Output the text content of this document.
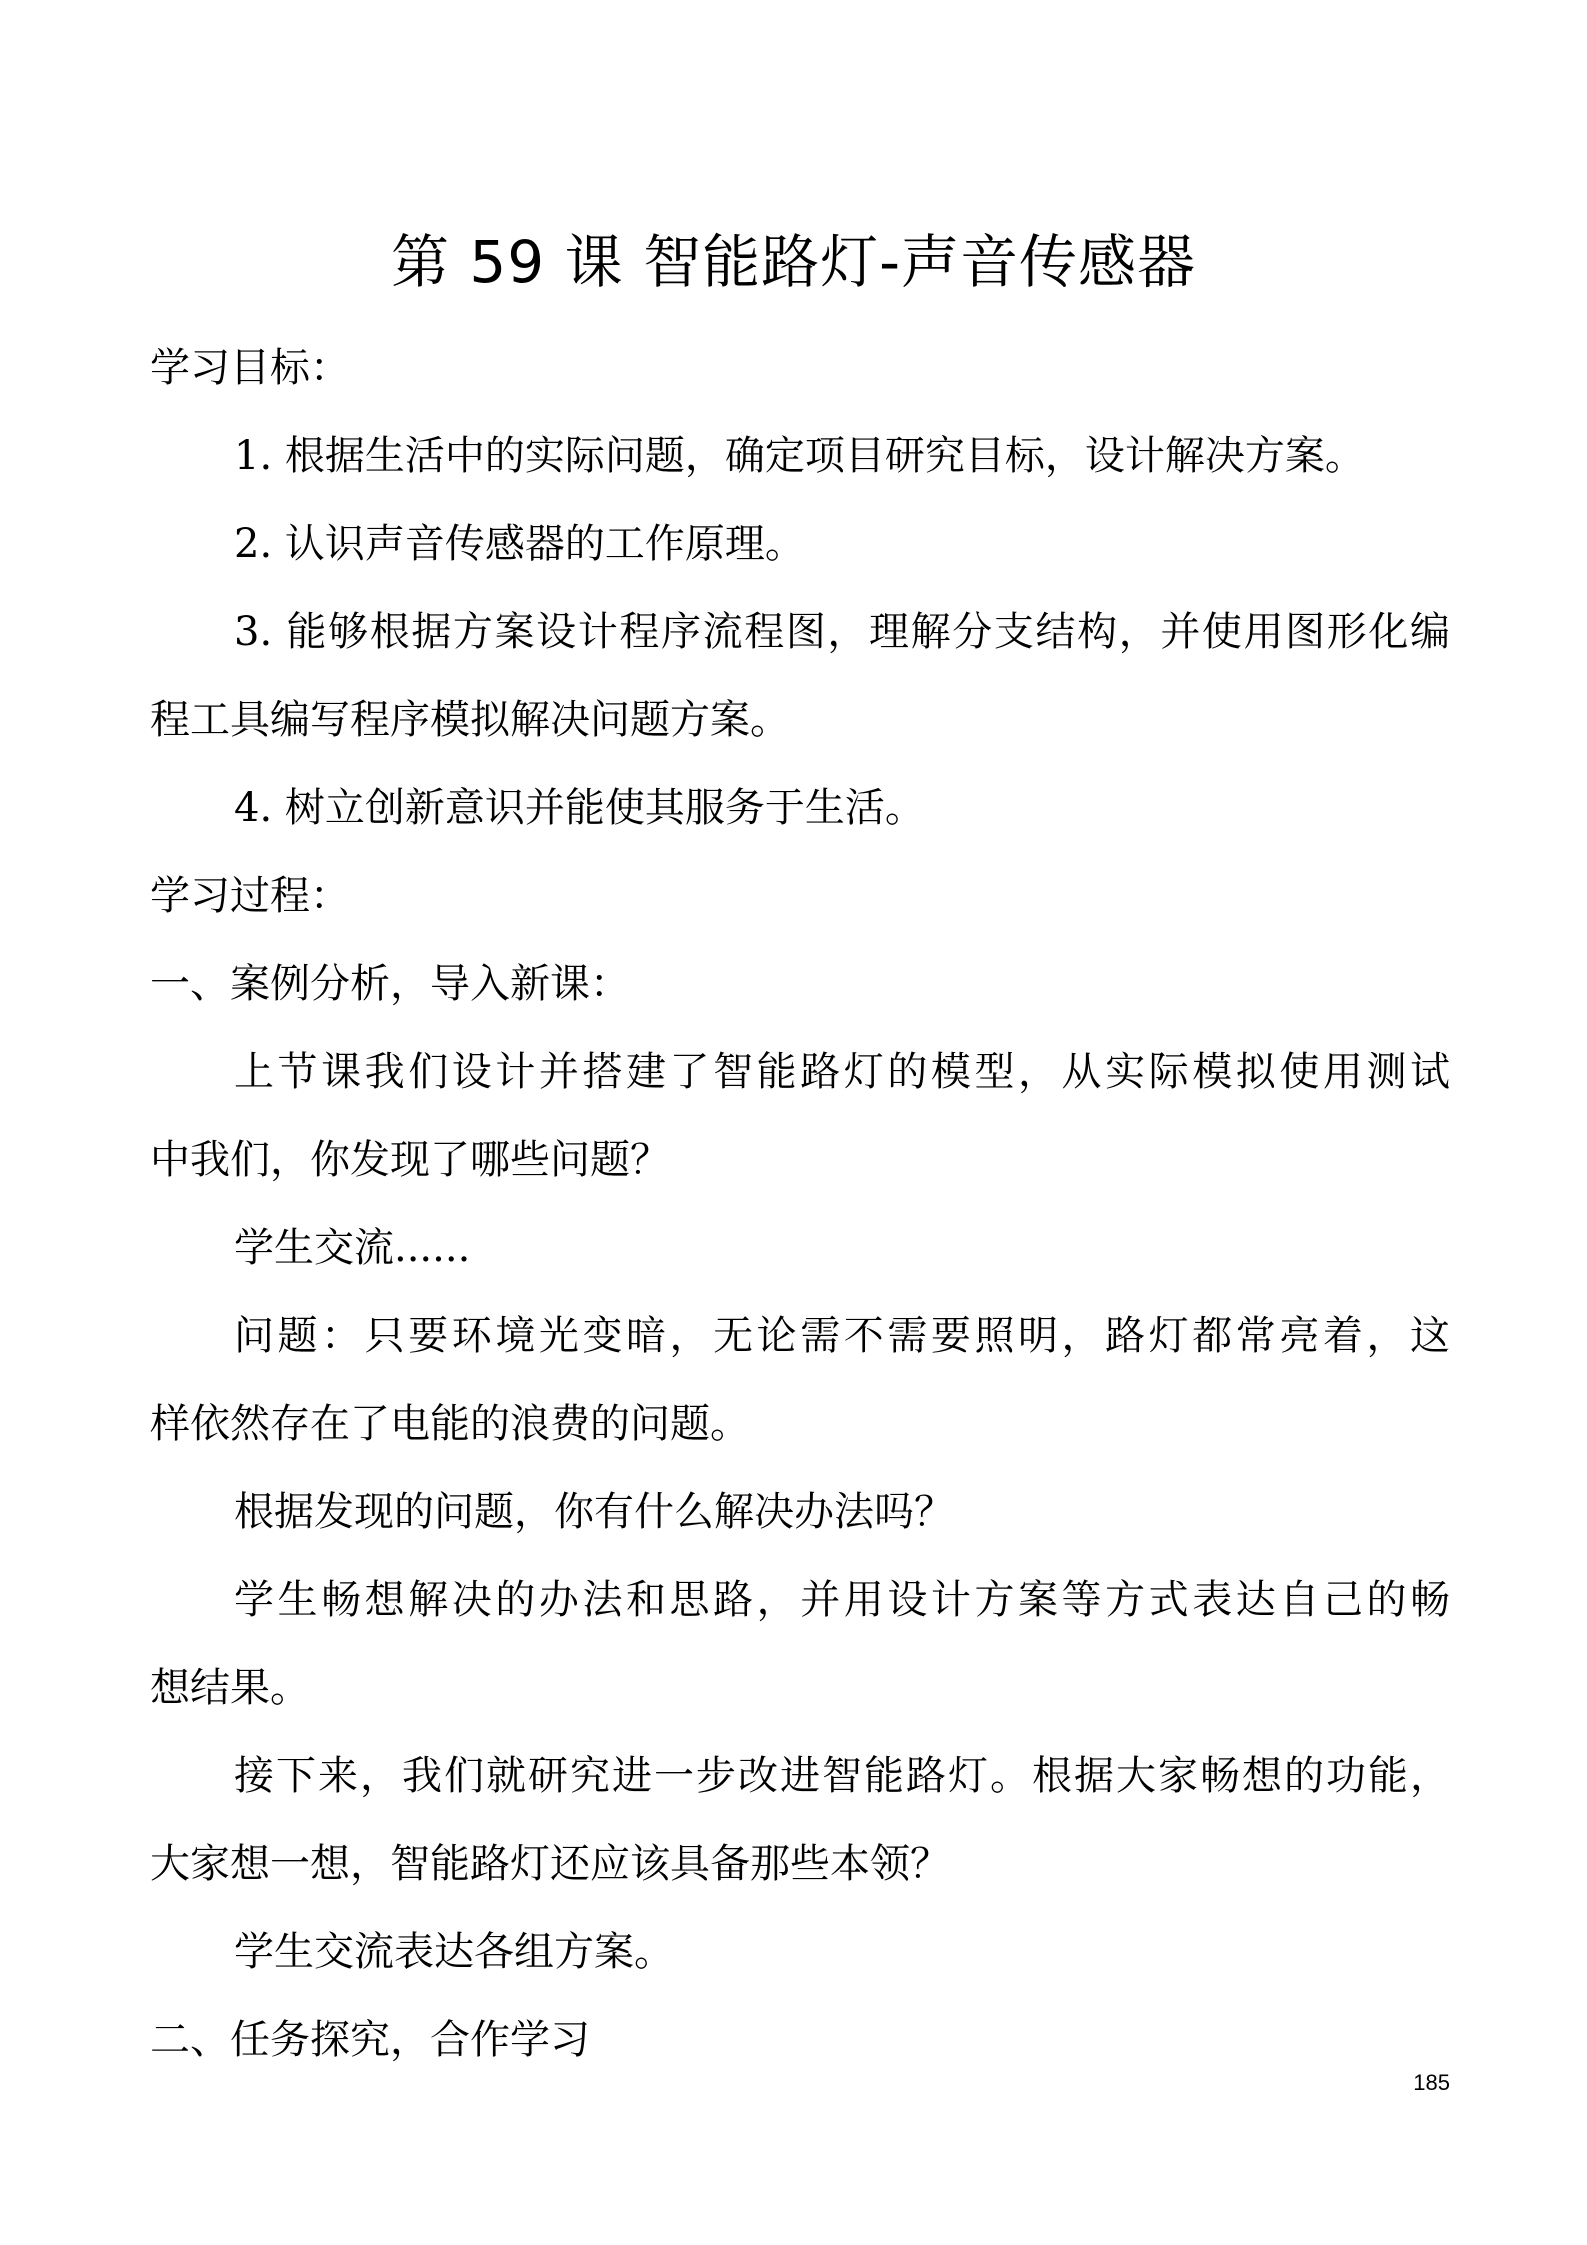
第 59 课 智能路灯-声音传感器
学习目标：
1. 根据生活中的实际问题，确定项目研究目标，设计解决方案。
2. 认识声音传感器的工作原理。
3. 能够根据方案设计程序流程图，理解分支结构，并使用图形化编
程工具编写程序模拟解决问题方案。
4. 树立创新意识并能使其服务于生活。
学习过程：
一、案例分析，导入新课：
上节课我们设计并搭建了智能路灯的模型，从实际模拟使用测试
中我们，你发现了哪些问题？
学生交流......
问题：只要环境光变暗，无论需不需要照明，路灯都常亮着，这
样依然存在了电能的浪费的问题。
根据发现的问题，你有什么解决办法吗？
学生畅想解决的办法和思路，并用设计方案等方式表达自己的畅
想结果。
接下来，我们就研究进一步改进智能路灯。根据大家畅想的功能，
大家想一想，智能路灯还应该具备那些本领？
学生交流表达各组方案。
二、任务探究，合作学习
185
